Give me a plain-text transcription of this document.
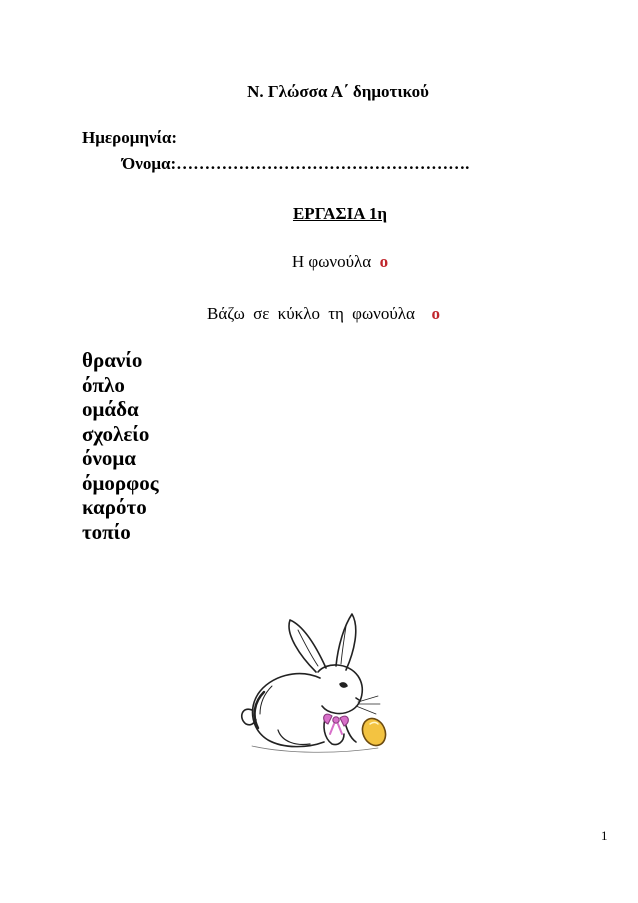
Ν. Γλώσσα Α΄ δημοτικού
Ημερομηνία:
Όνομα:…………………………………………….
ΕΡΓΑΣΙΑ 1η
Η φωνούλα ο
Βάζω σε κύκλο τη φωνούλα ο
θρανίο
όπλο
ομάδα
σχολείο
όνομα
όμορφος
καρότο
τοπίο
1
